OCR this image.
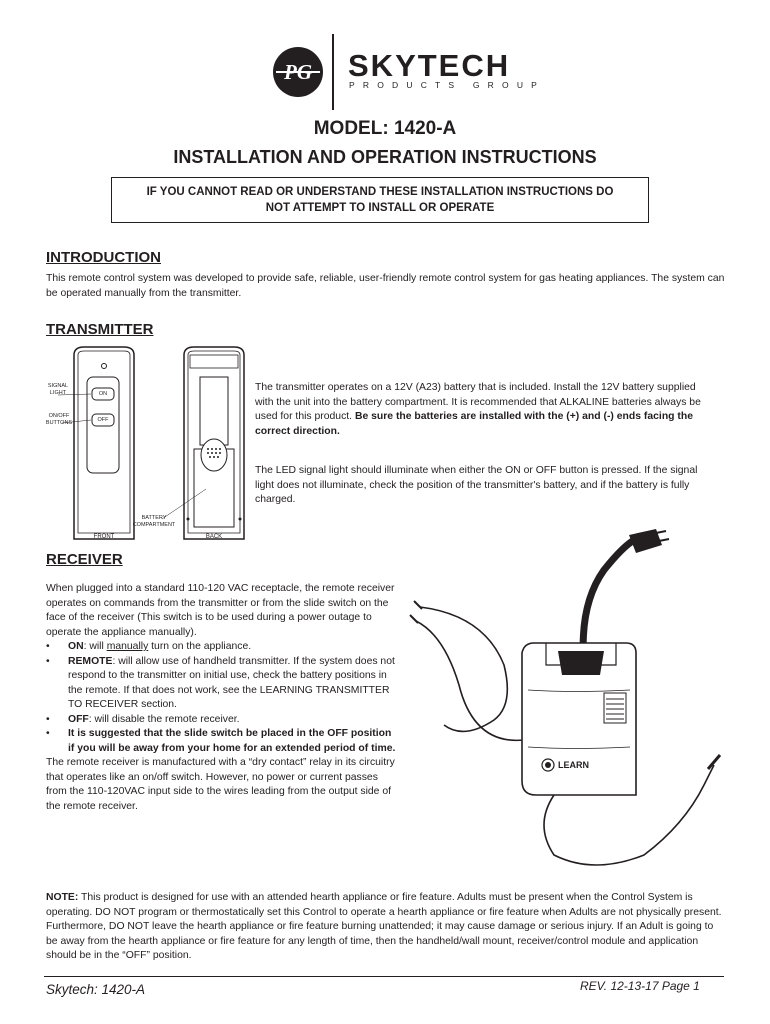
PG SKYTECH
PRODUCTS GROUP
MODEL: 1420-A
INSTALLATION AND OPERATION INSTRUCTIONS
IF YOU CANNOT READ OR UNDERSTAND THESE INSTALLATION INSTRUCTIONS DO
NOT ATTEMPT TO INSTALL OR OPERATE
INTRODUCTION
This remote control system was developed to provide safe, reliable, user-friendly remote control system for gas heating appliances. The system can be operated manually from the transmitter.
TRANSMITTER
SIGNAL LIGHT
ON/OFF BUTTONS
ON
OFF
BATTERY COMPARTMENT
FRONT	BACK
The transmitter operates on a 12V (A23) battery that is included. Install the 12V battery supplied with the unit into the battery compartment. It is recommended that ALKALINE batteries always be used for this product. Be sure the batteries are installed with the (+) and (-) ends facing the correct direction.
The LED signal light should illuminate when either the ON or OFF button is pressed. If the signal light does not illuminate, check the position of the transmitter's battery, and if the battery is fully charged.
RECEIVER
When plugged into a standard 110-120 VAC receptacle, the remote receiver operates on commands from the transmitter or from the slide switch on the face of the receiver (This switch is to be used during a power outage to operate the appliance manually).
• ON: will manually turn on the appliance.
• REMOTE: will allow use of handheld transmitter. If the system does not respond to the transmitter on initial use, check the battery positions in the remote. If that does not work, see the LEARNING TRANSMITTER TO RECEIVER section.
• OFF: will disable the remote receiver.
• It is suggested that the slide switch be placed in the OFF position if you will be away from your home for an extended period of time.
The remote receiver is manufactured with a “dry contact” relay in its circuitry that operates like an on/off switch. However, no power or current passes from the 110-120VAC input side to the wires leading from the output side of the remote receiver.
LEARN
NOTE: This product is designed for use with an attended hearth appliance or fire feature. Adults must be present when the Control System is operating. DO NOT program or thermostatically set this Control to operate a hearth appliance or fire feature when Adults are not physically present. Furthermore, DO NOT leave the hearth appliance or fire feature burning unattended; it may cause damage or serious injury. If an Adult is going to be away from the hearth appliance or fire feature for any length of time, then the handheld/wall mount, receiver/control module and application should be in the “OFF” position.
Skytech: 1420-A	REV. 12-13-17 Page 1
